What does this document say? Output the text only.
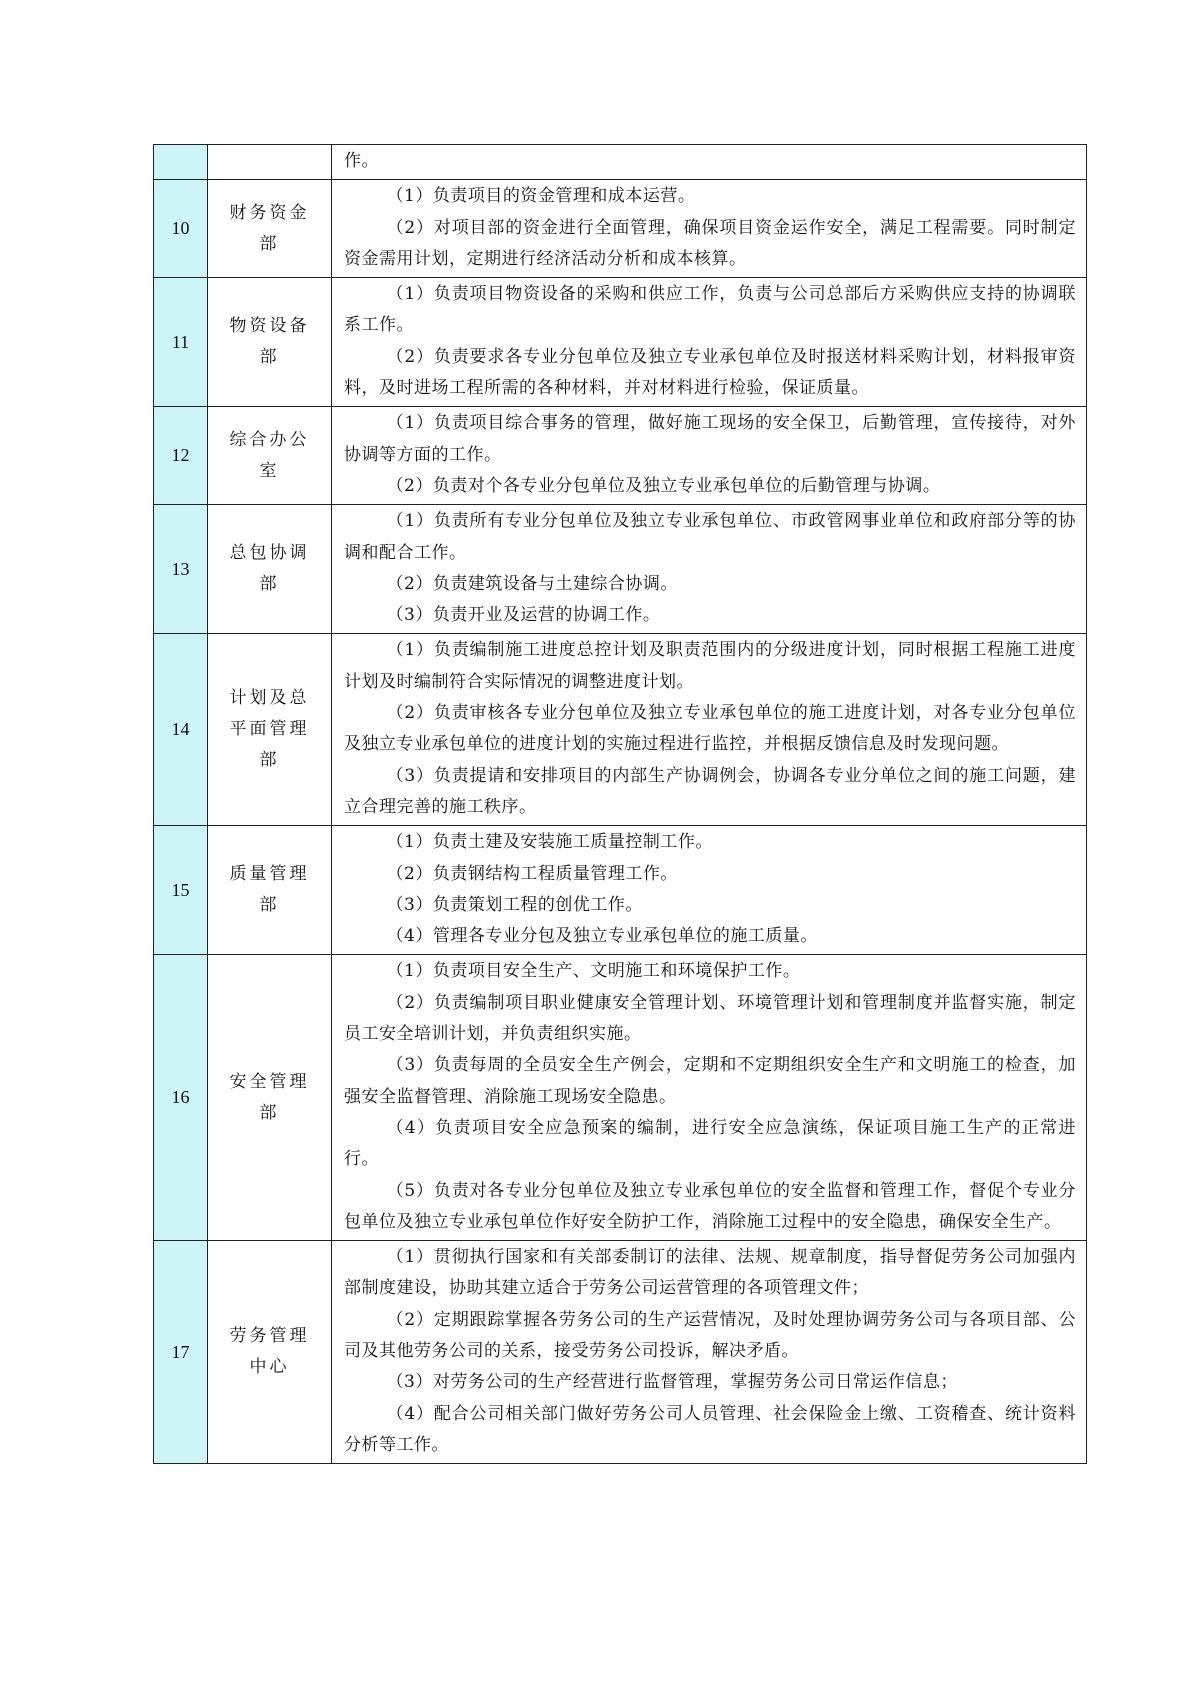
		作。

10	财务资金部	（1）负责项目的资金管理和成本运营。

（2）对项目部的资金进行全面管理，确保项目资金运作安全，满足工程需要。同时制定资金需用计划，定期进行经济活动分析和成本核算。

11	物资设备部	（1）负责项目物资设备的采购和供应工作，负责与公司总部后方采购供应支持的协调联系工作。

（2）负责要求各专业分包单位及独立专业承包单位及时报送材料采购计划，材料报审资料，及时进场工程所需的各种材料，并对材料进行检验，保证质量。

12	综合办公室	（1）负责项目综合事务的管理，做好施工现场的安全保卫，后勤管理，宣传接待，对外协调等方面的工作。

（2）负责对个各专业分包单位及独立专业承包单位的后勤管理与协调。

13	总包协调部	（1）负责所有专业分包单位及独立专业承包单位、市政管网事业单位和政府部分等的协调和配合工作。

（2）负责建筑设备与土建综合协调。

（3）负责开业及运营的协调工作。

14	计划及总平面管理部	（1）负责编制施工进度总控计划及职责范围内的分级进度计划，同时根据工程施工进度计划及时编制符合实际情况的调整进度计划。

（2）负责审核各专业分包单位及独立专业承包单位的施工进度计划，对各专业分包单位及独立专业承包单位的进度计划的实施过程进行监控，并根据反馈信息及时发现问题。

（3）负责提请和安排项目的内部生产协调例会，协调各专业分单位之间的施工问题，建立合理完善的施工秩序。

15	质量管理部	（1）负责土建及安装施工质量控制工作。

（2）负责钢结构工程质量管理工作。

（3）负责策划工程的创优工作。

（4）管理各专业分包及独立专业承包单位的施工质量。

16	安全管理部	（1）负责项目安全生产、文明施工和环境保护工作。

（2）负责编制项目职业健康安全管理计划、环境管理计划和管理制度并监督实施，制定员工安全培训计划，并负责组织实施。

（3）负责每周的全员安全生产例会，定期和不定期组织安全生产和文明施工的检查，加强安全监督管理、消除施工现场安全隐患。

（4）负责项目安全应急预案的编制，进行安全应急演练，保证项目施工生产的正常进行。

（5）负责对各专业分包单位及独立专业承包单位的安全监督和管理工作，督促个专业分包单位及独立专业承包单位作好安全防护工作，消除施工过程中的安全隐患，确保安全生产。

17	劳务管理中心	（1）贯彻执行国家和有关部委制订的法律、法规、规章制度，指导督促劳务公司加强内部制度建设，协助其建立适合于劳务公司运营管理的各项管理文件；

（2）定期跟踪掌握各劳务公司的生产运营情况，及时处理协调劳务公司与各项目部、公司及其他劳务公司的关系，接受劳务公司投诉，解决矛盾。

（3）对劳务公司的生产经营进行监督管理，掌握劳务公司日常运作信息；

（4）配合公司相关部门做好劳务公司人员管理、社会保险金上缴、工资稽查、统计资料分析等工作。
